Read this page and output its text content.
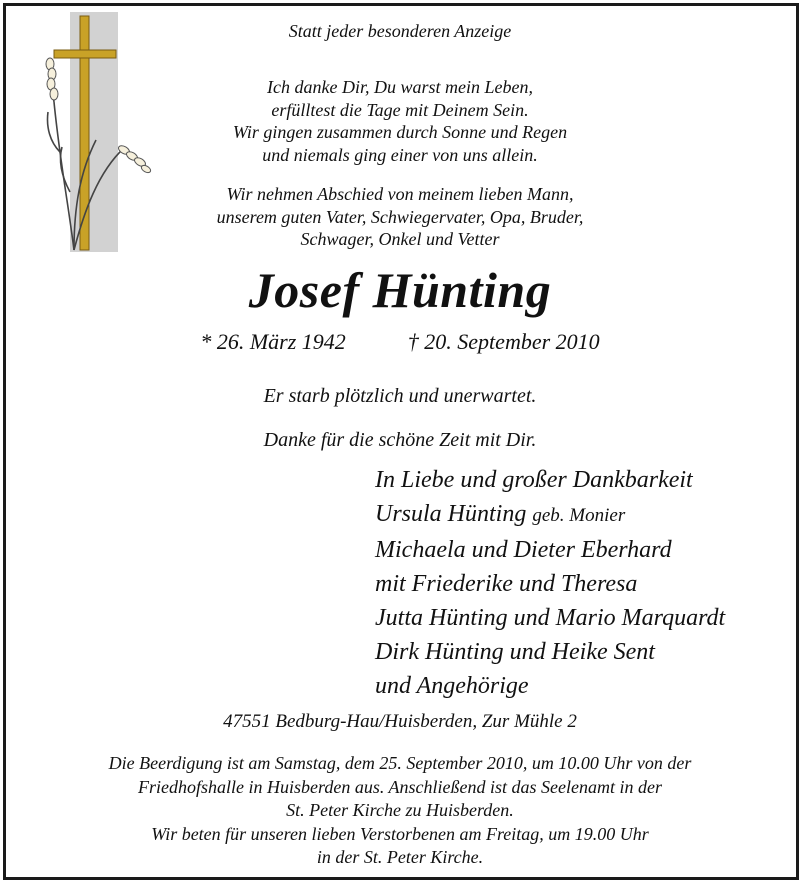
Statt jeder besonderen Anzeige
Ich danke Dir, Du warst mein Leben,
erfülltest die Tage mit Deinem Sein.
Wir gingen zusammen durch Sonne und Regen
und niemals ging einer von uns allein.
Wir nehmen Abschied von meinem lieben Mann,
unserem guten Vater, Schwiegervater, Opa, Bruder,
Schwager, Onkel und Vetter
Josef Hünting
* 26. März 1942	† 20. September 2010
Er starb plötzlich und unerwartet.
Danke für die schöne Zeit mit Dir.
In Liebe und großer Dankbarkeit
Ursula Hünting geb. Monier
Michaela und Dieter Eberhard
mit Friederike und Theresa
Jutta Hünting und Mario Marquardt
Dirk Hünting und Heike Sent
und Angehörige
47551 Bedburg-Hau/Huisberden, Zur Mühle 2
Die Beerdigung ist am Samstag, dem 25. September 2010, um 10.00 Uhr von der
Friedhofshalle in Huisberden aus. Anschließend ist das Seelenamt in der
St. Peter Kirche zu Huisberden.
Wir beten für unseren lieben Verstorbenen am Freitag, um 19.00 Uhr
in der St. Peter Kirche.
